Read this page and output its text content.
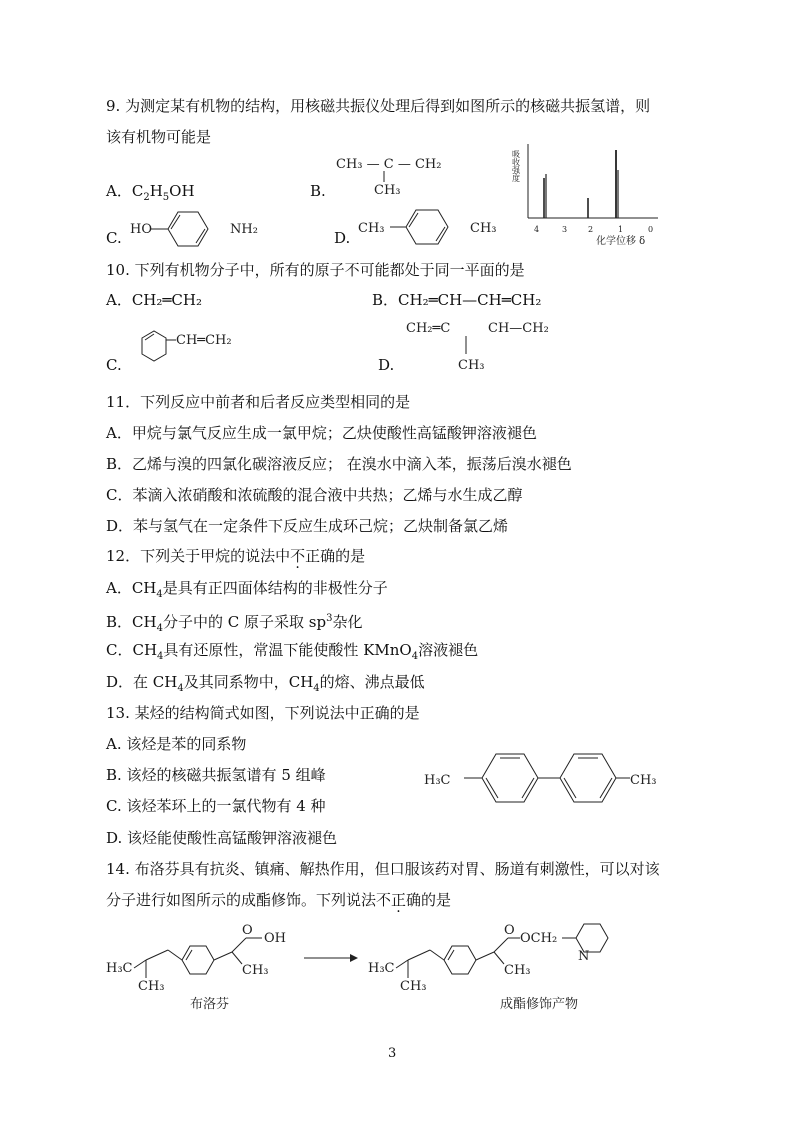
9. 为测定某有机物的结构，用核磁共振仪处理后得到如图所示的核磁共振氢谱，则
该有机物可能是
A．$C_2H_5OH$	B.
CH₃ — C — CH₂
CH₃
吸收强度
4	3	2	1	0
化学位移 δ
C. HO	NH₂	D.
CH₃	CH₃
10. 下列有机物分子中，所有的原子不可能都处于同一平面的是
A．CH₂═CH₂	B．CH₂═CH—CH═CH₂
C.
CH═CH₂
D.
CH₂═C	CH—CH₂
CH₃
11．下列反应中前者和后者反应类型相同的是
A．甲烷与氯气反应生成一氯甲烷；乙炔使酸性高锰酸钾溶液褪色
B．乙烯与溴的四氯化碳溶液反应； 在溴水中滴入苯，振荡后溴水褪色
C．苯滴入浓硝酸和浓硫酸的混合液中共热；乙烯与水生成乙醇
D．苯与氢气在一定条件下反应生成环己烷；乙炔制备氯乙烯
12．下列关于甲烷的说法中不正确的是
A．$CH_4$是具有正四面体结构的非极性分子
B．$CH_4$分子中的 C 原子采取 $sp^3$杂化
C．$CH_4$具有还原性，常温下能使酸性 KMnO$_4$溶液褪色
D．在 $CH_4$及其同系物中，$CH_4$的熔、沸点最低
13. 某烃的结构简式如图，下列说法中正确的是
A. 该烃是苯的同系物
B. 该烃的核磁共振氢谱有 5 组峰
C. 该烃苯环上的一氯代物有 4 种
D. 该烃能使酸性高锰酸钾溶液褪色
H₃C	CH₃
14. 布洛芬具有抗炎、镇痛、解热作用，但口服该药对胃、肠道有刺激性，可以对该
分子进行如图所示的成酯修饰。下列说法不正确的是
H₃C
CH₃
O
OH
CH₃
布洛芬
H₃C
CH₃
O
OCH₂
N
CH₃
成酯修饰产物
3
